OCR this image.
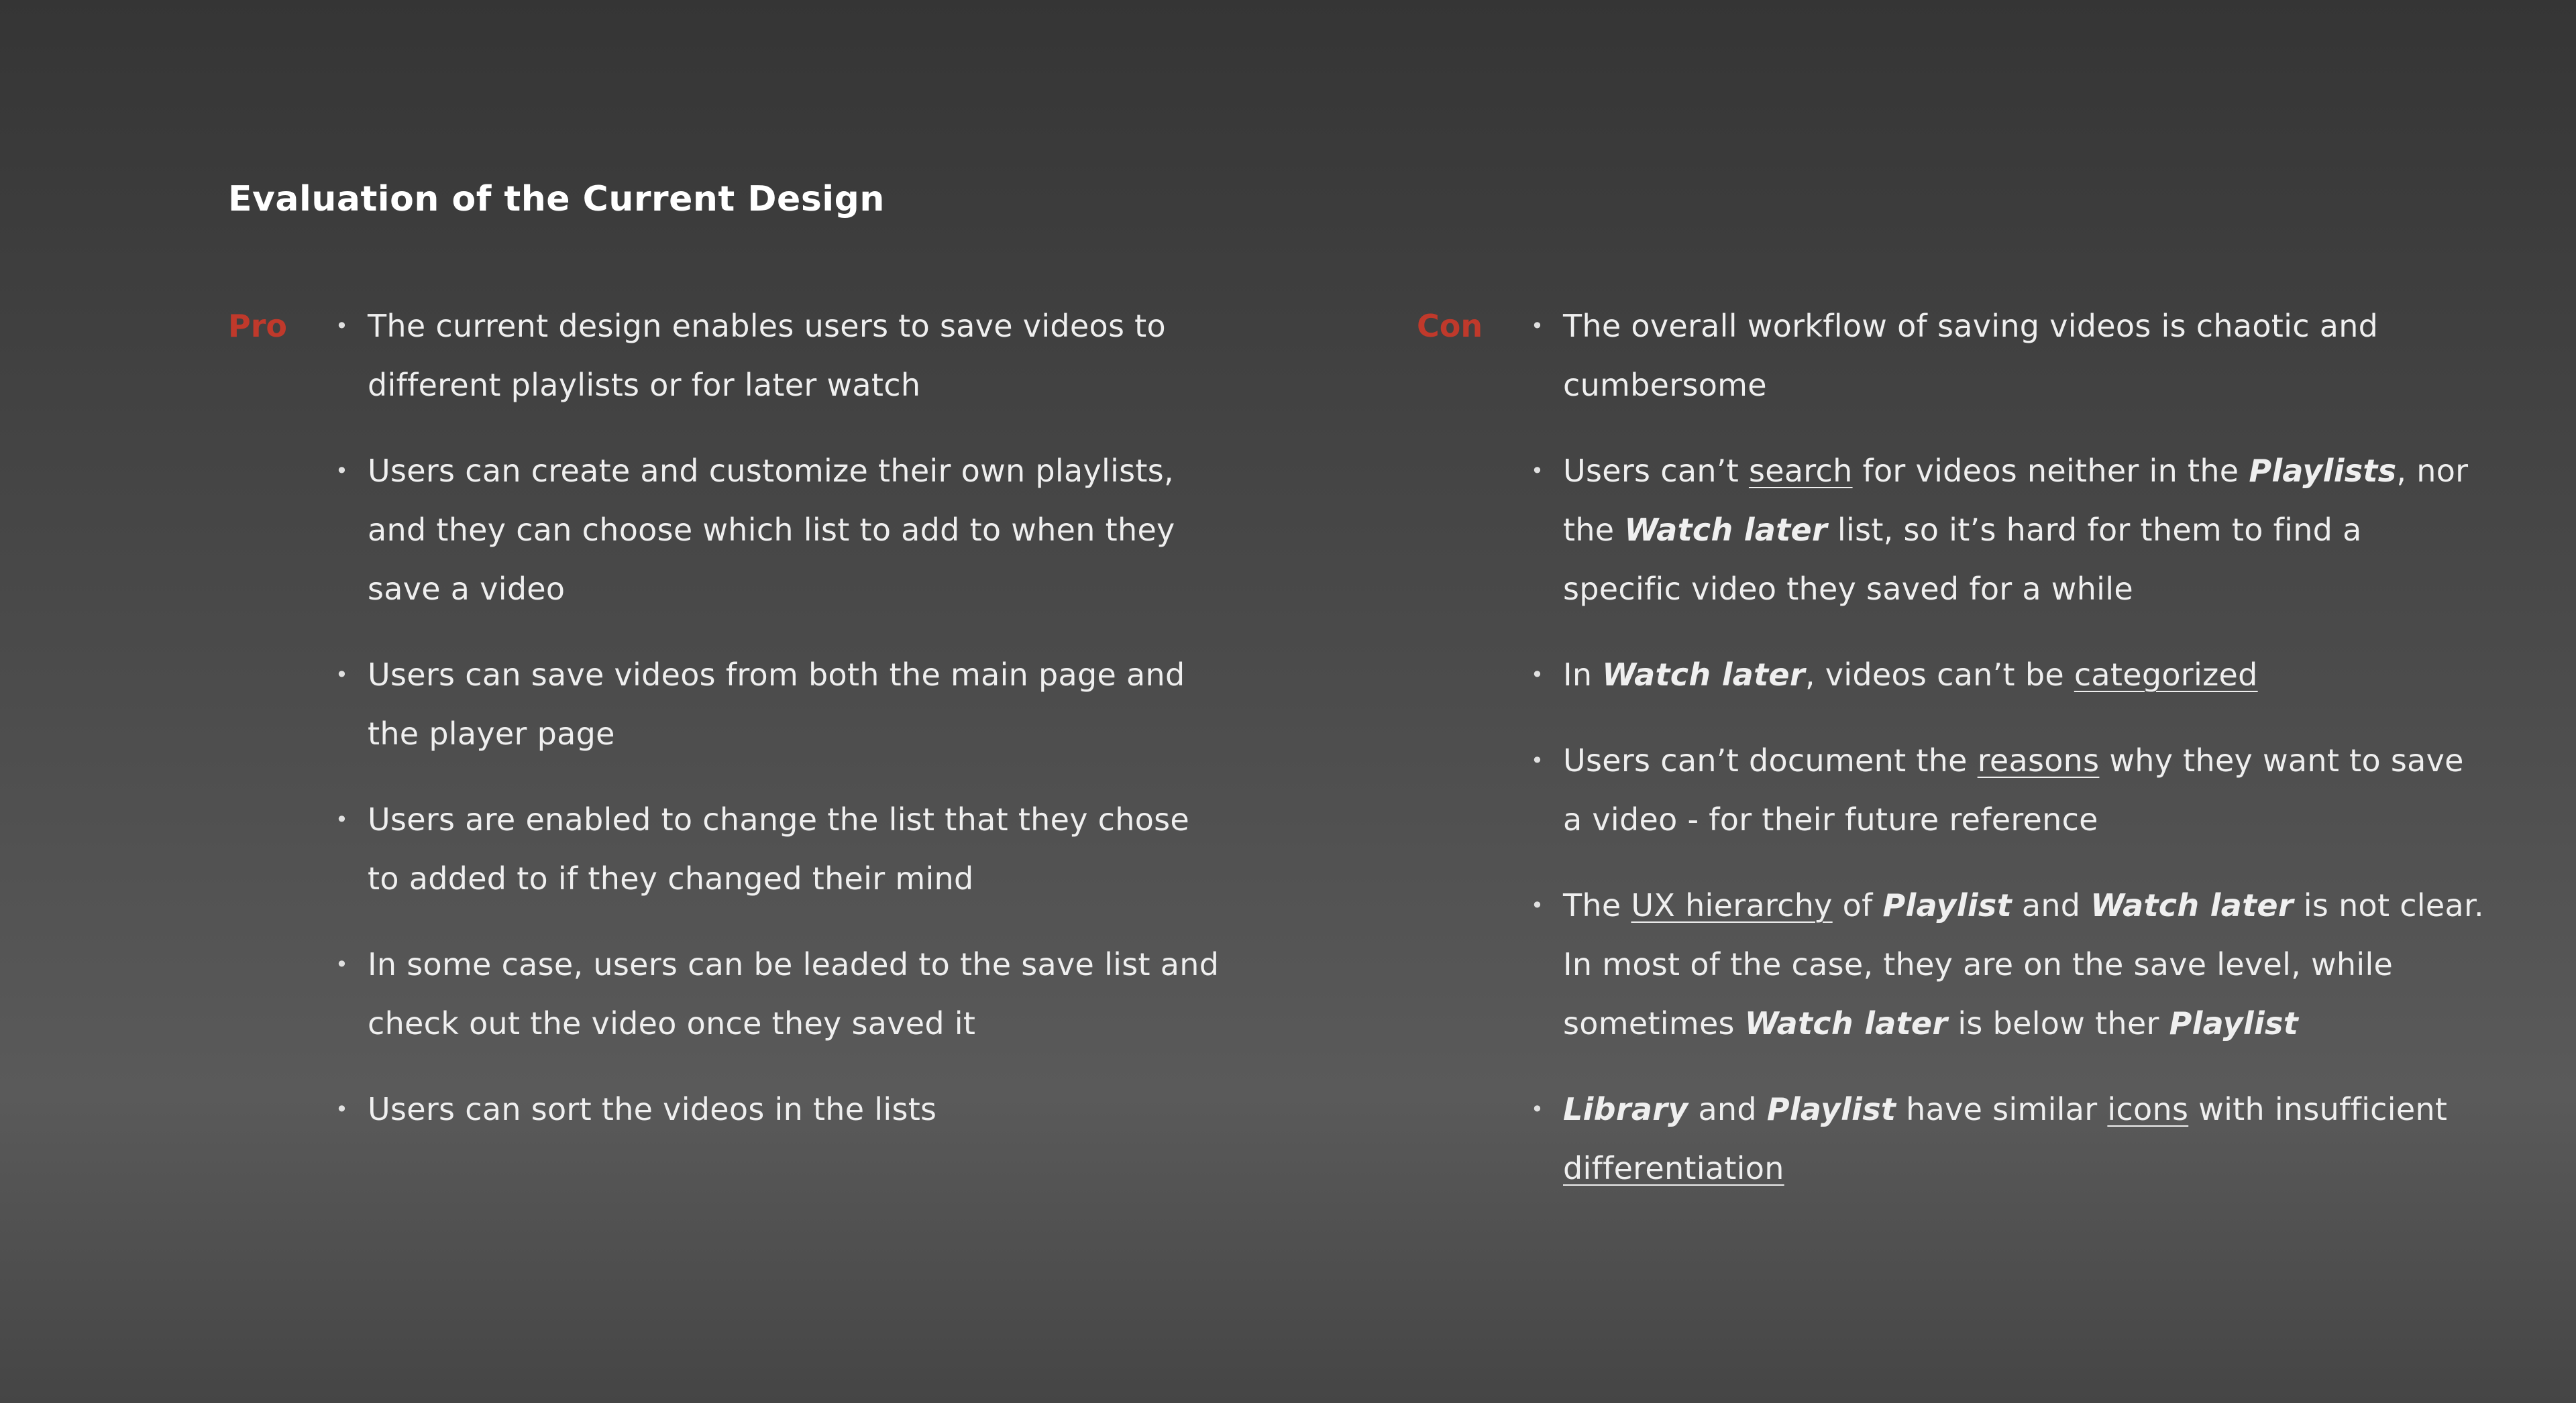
Evaluation of the Current Design
Pro • The current design enables users to save videos to different playlists or for later watch
• Users can create and customize their own playlists, and they can choose which list to add to when they save a video
• Users can save videos from both the main page and the player page
• Users are enabled to change the list that they chose to added to if they changed their mind
• In some case, users can be leaded to the save list and check out the video once they saved it
• Users can sort the videos in the lists
Con • The overall workflow of saving videos is chaotic and cumbersome
• Users can’t search for videos neither in the Playlists, nor the Watch later list, so it’s hard for them to find a specific video they saved for a while
• In Watch later, videos can’t be categorized
• Users can’t document the reasons why they want to save a video - for their future reference
• The UX hierarchy of Playlist and Watch later is not clear. In most of the case, they are on the save level, while sometimes Watch later is below ther Playlist
• Library and Playlist have similar icons with insufficient differentiation
